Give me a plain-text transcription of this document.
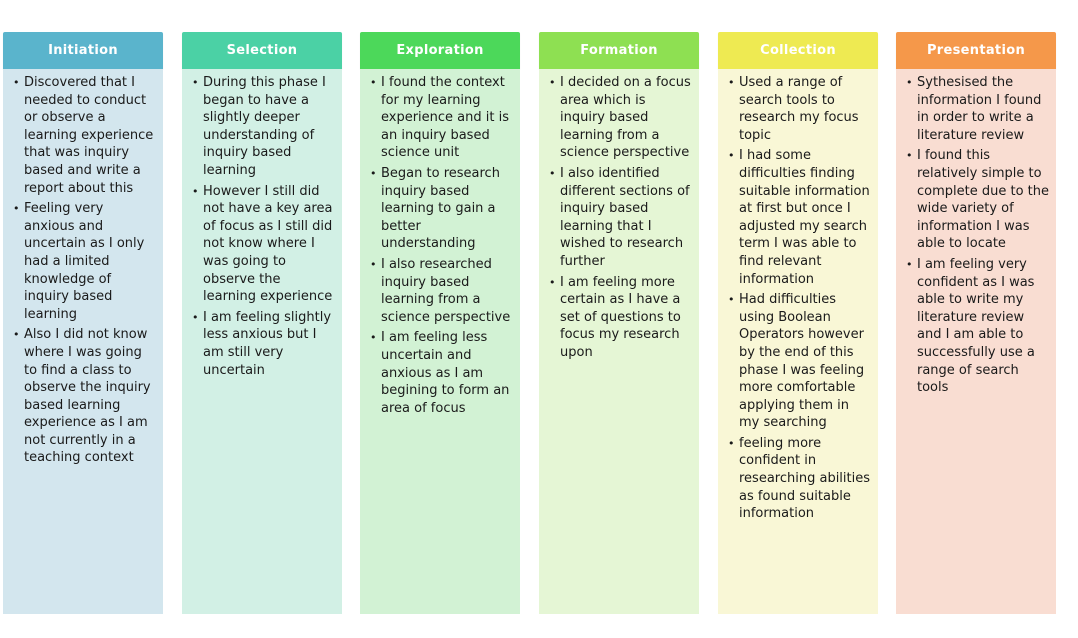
Initiation
• Discovered that I needed to conduct or observe a learning experience that was inquiry based and write a report about this
• Feeling very anxious and uncertain as I only had a limited knowledge of inquiry based learning
• Also I did not know where I was going to find a class to observe the inquiry based learning experience as I am not currently in a teaching context
Selection
• During this phase I began to have a slightly deeper understanding of inquiry based learning
• However I still did not have a key area of focus as I still did not know where I was going to observe the learning experience
• I am feeling slightly less anxious but I am still very uncertain
Exploration
• I found the context for my learning experience and it is an inquiry based science unit
• Began to research inquiry based learning to gain a better understanding
• I also researched inquiry based learning from a science perspective
• I am feeling less uncertain and anxious as I am begining to form an area of focus
Formation
• I decided on a focus area which is inquiry based learning from a science perspective
• I also identified different sections of inquiry based learning that I wished to research further
• I am feeling more certain as I have a set of questions to focus my research upon
Collection
• Used a range of search tools to research my focus topic
• I had some difficulties finding suitable information at first but once I adjusted my search term I was able to find relevant information
• Had difficulties using Boolean Operators however by the end of this phase I was feeling more comfortable applying them in my searching
• feeling more confident in researching abilities as found suitable information
Presentation
• Sythesised the information I found in order to write a literature review
• I found this relatively simple to complete due to the wide variety of information I was able to locate
• I am feeling very confident as I was able to write my literature review and I am able to successfully use a range of search tools
